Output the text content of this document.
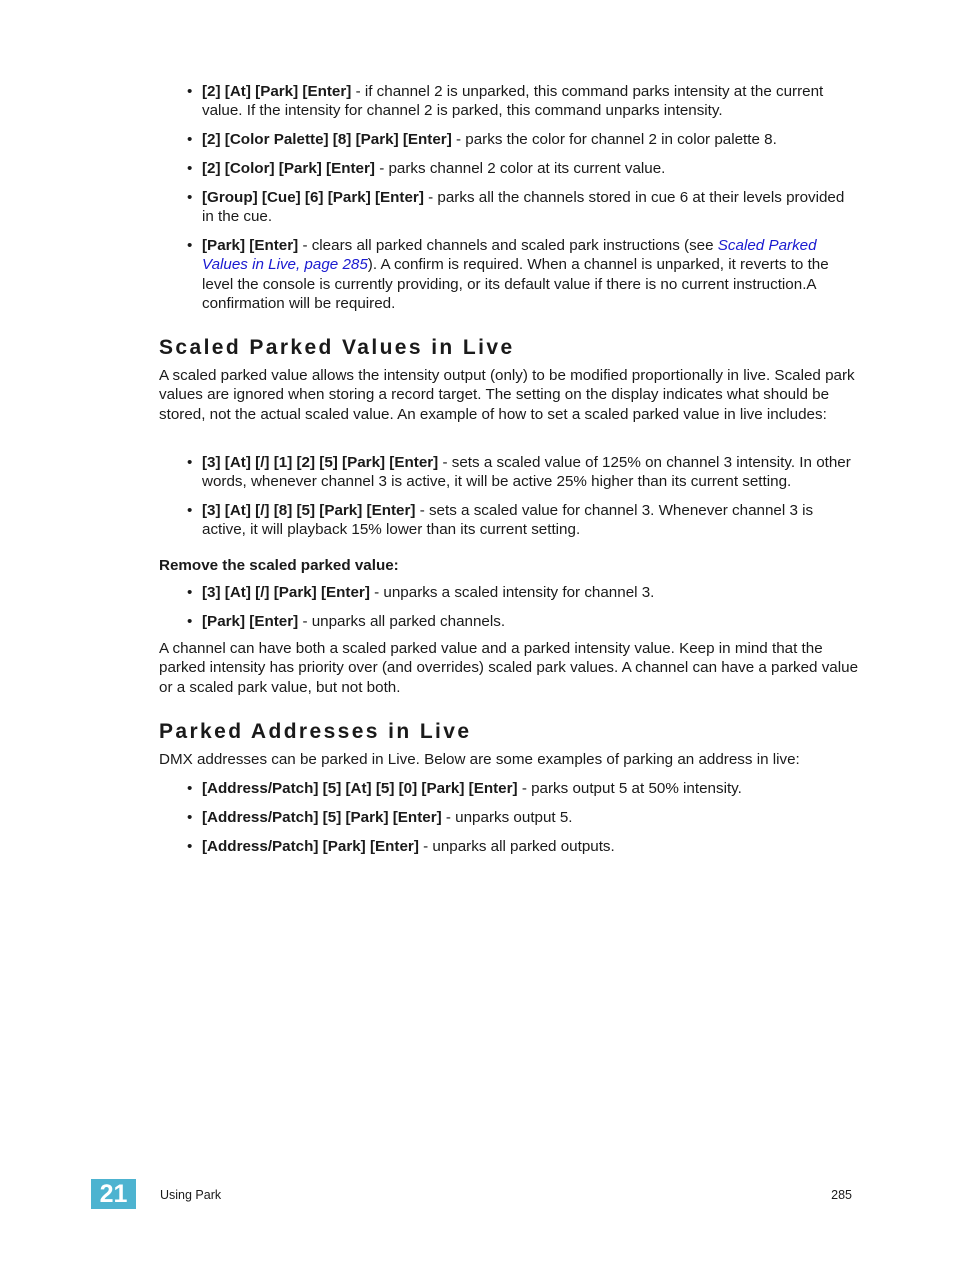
• [2] [At] [Park] [Enter] - if channel 2 is unparked, this command parks intensity at the current value. If the intensity for channel 2 is parked, this command unparks intensity.
• [2] [Color Palette] [8] [Park] [Enter] - parks the color for channel 2 in color palette 8.
• [2] [Color] [Park] [Enter] - parks channel 2 color at its current value.
• [Group] [Cue] [6] [Park] [Enter] - parks all the channels stored in cue 6 at their levels provided in the cue.
• [Park] [Enter] - clears all parked channels and scaled park instructions (see Scaled Parked Values in Live, page 285). A confirm is required. When a channel is unparked, it reverts to the level the console is currently providing, or its default value if there is no current instruction.A confirmation will be required.
Scaled Parked Values in Live
A scaled parked value allows the intensity output (only) to be modified proportionally in live. Scaled park values are ignored when storing a record target. The setting on the display indicates what should be stored, not the actual scaled value. An example of how to set a scaled parked value in live includes:
• [3] [At] [/] [1] [2] [5] [Park] [Enter] - sets a scaled value of 125% on channel 3 intensity. In other words, whenever channel 3 is active, it will be active 25% higher than its current setting.
• [3] [At] [/] [8] [5] [Park] [Enter] - sets a scaled value for channel 3. Whenever channel 3 is active, it will playback 15% lower than its current setting.
Remove the scaled parked value:
• [3] [At] [/] [Park] [Enter] - unparks a scaled intensity for channel 3.
• [Park] [Enter] - unparks all parked channels.
A channel can have both a scaled parked value and a parked intensity value. Keep in mind that the parked intensity has priority over (and overrides) scaled park values. A channel can have a parked value or a scaled park value, but not both.
Parked Addresses in Live
DMX addresses can be parked in Live. Below are some examples of parking an address in live:
• [Address/Patch] [5] [At] [5] [0] [Park] [Enter] - parks output 5 at 50% intensity.
• [Address/Patch] [5] [Park] [Enter] - unparks output 5.
• [Address/Patch] [Park] [Enter] - unparks all parked outputs.
21	Using Park	285
